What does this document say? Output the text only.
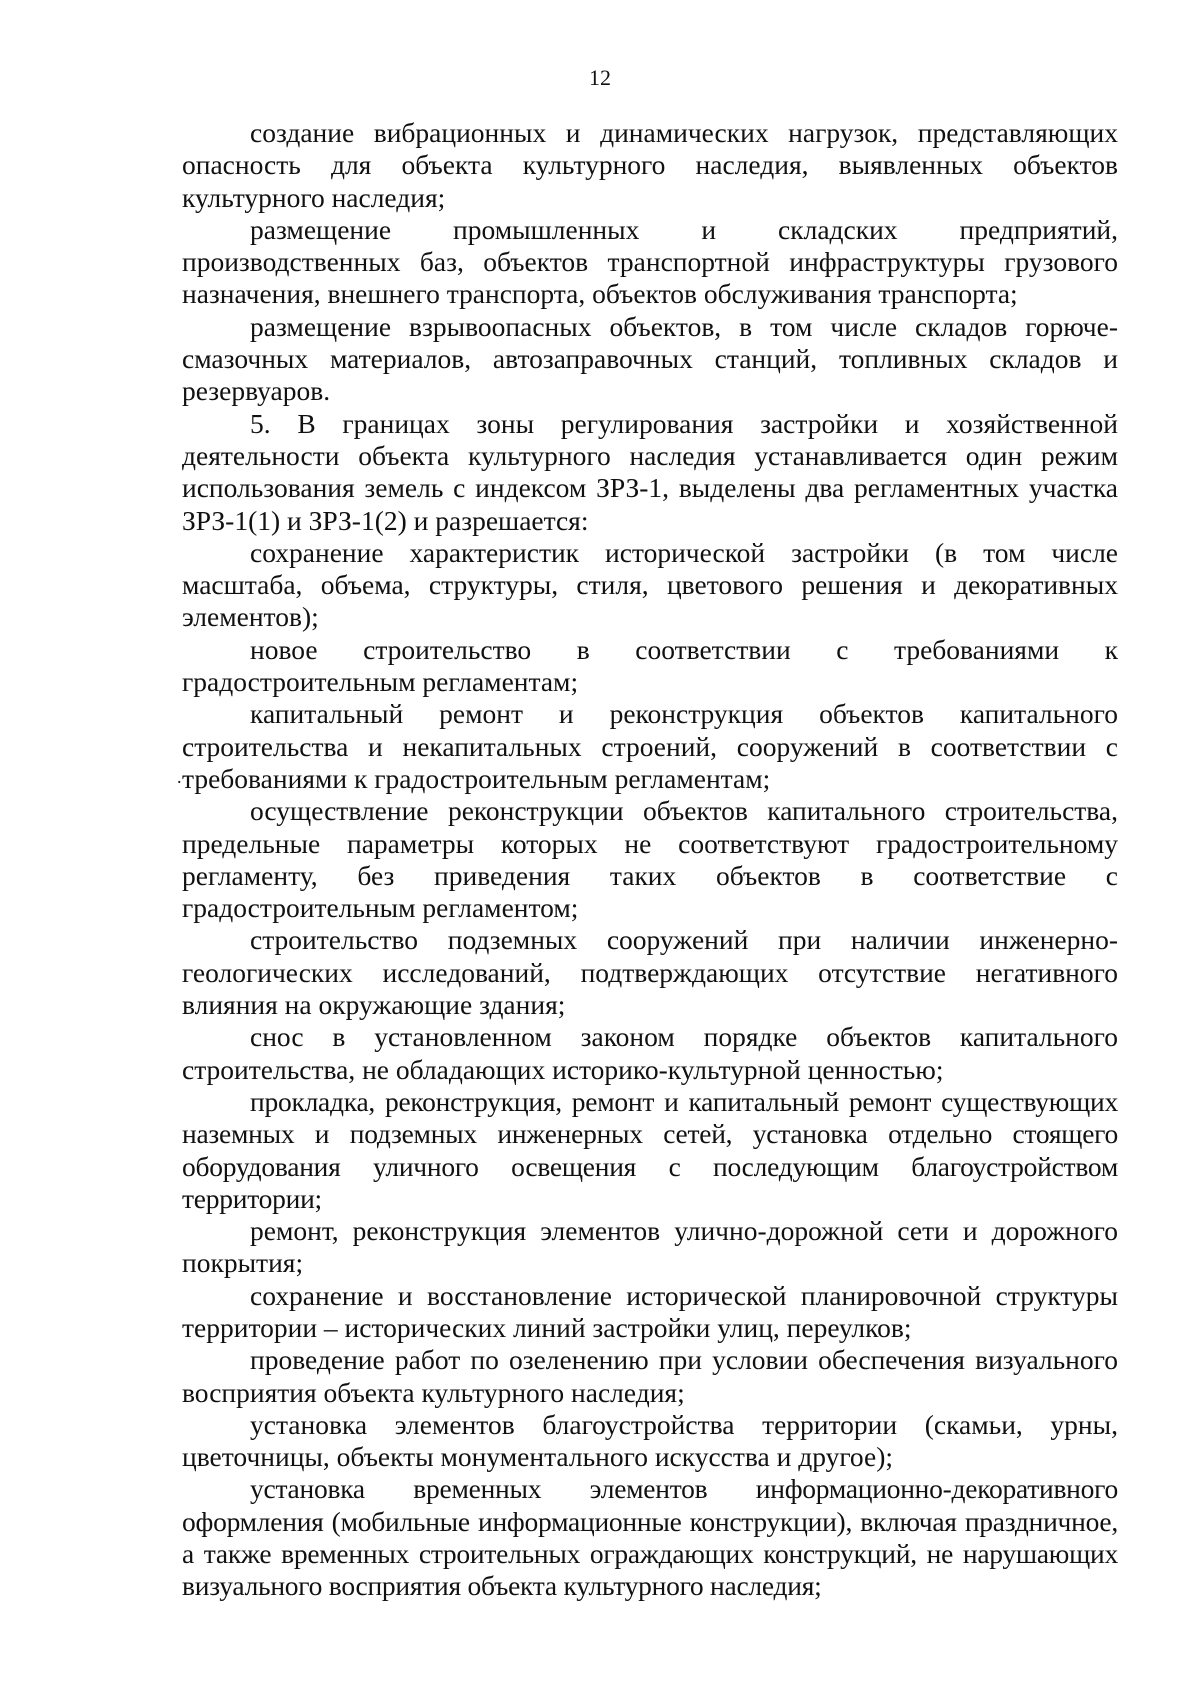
12
.

создание вибрационных и динамических нагрузок, представляющих опасность для объекта культурного наследия, выявленных объектов культурного наследия;

размещение промышленных и складских предприятий, производственных баз, объектов транспортной инфраструктуры грузового назначения, внешнего транспорта, объектов обслуживания транспорта;

размещение взрывоопасных объектов, в том числе складов горюче-смазочных материалов, автозаправочных станций, топливных складов и резервуаров.

5. В границах зоны регулирования застройки и хозяйственной деятельности объекта культурного наследия устанавливается один режим использования земель с индексом ЗРЗ-1, выделены два регламентных участка ЗРЗ-1(1) и ЗРЗ-1(2) и разрешается:

сохранение характеристик исторической застройки (в том числе масштаба, объема, структуры, стиля, цветового решения и декоративных элементов);

новое строительство в соответствии с требованиями к градостроительным регламентам;

капитальный ремонт и реконструкция объектов капитального строительства и некапитальных строений, сооружений в соответствии с требованиями к градостроительным регламентам;

осуществление реконструкции объектов капитального строительства, предельные параметры которых не соответствуют градостроительному регламенту, без приведения таких объектов в соответствие с градостроительным регламентом;

строительство подземных сооружений при наличии инженерно-геологических исследований, подтверждающих отсутствие негативного влияния на окружающие здания;

снос в установленном законом порядке объектов капитального строительства, не обладающих историко-культурной ценностью;

прокладка, реконструкция, ремонт и капитальный ремонт существующих наземных и подземных инженерных сетей, установка отдельно стоящего оборудования уличного освещения с последующим благоустройством территории;

ремонт, реконструкция элементов улично-дорожной сети и дорожного покрытия;

сохранение и восстановление исторической планировочной структуры территории – исторических линий застройки улиц, переулков;

проведение работ по озеленению при условии обеспечения визуального восприятия объекта культурного наследия;

установка элементов благоустройства территории (скамьи, урны, цветочницы, объекты монументального искусства и другое);

установка временных элементов информационно-декоративного оформления (мобильные информационные конструкции), включая праздничное, а также временных строительных ограждающих конструкций, не нарушающих визуального восприятия объекта культурного наследия;
